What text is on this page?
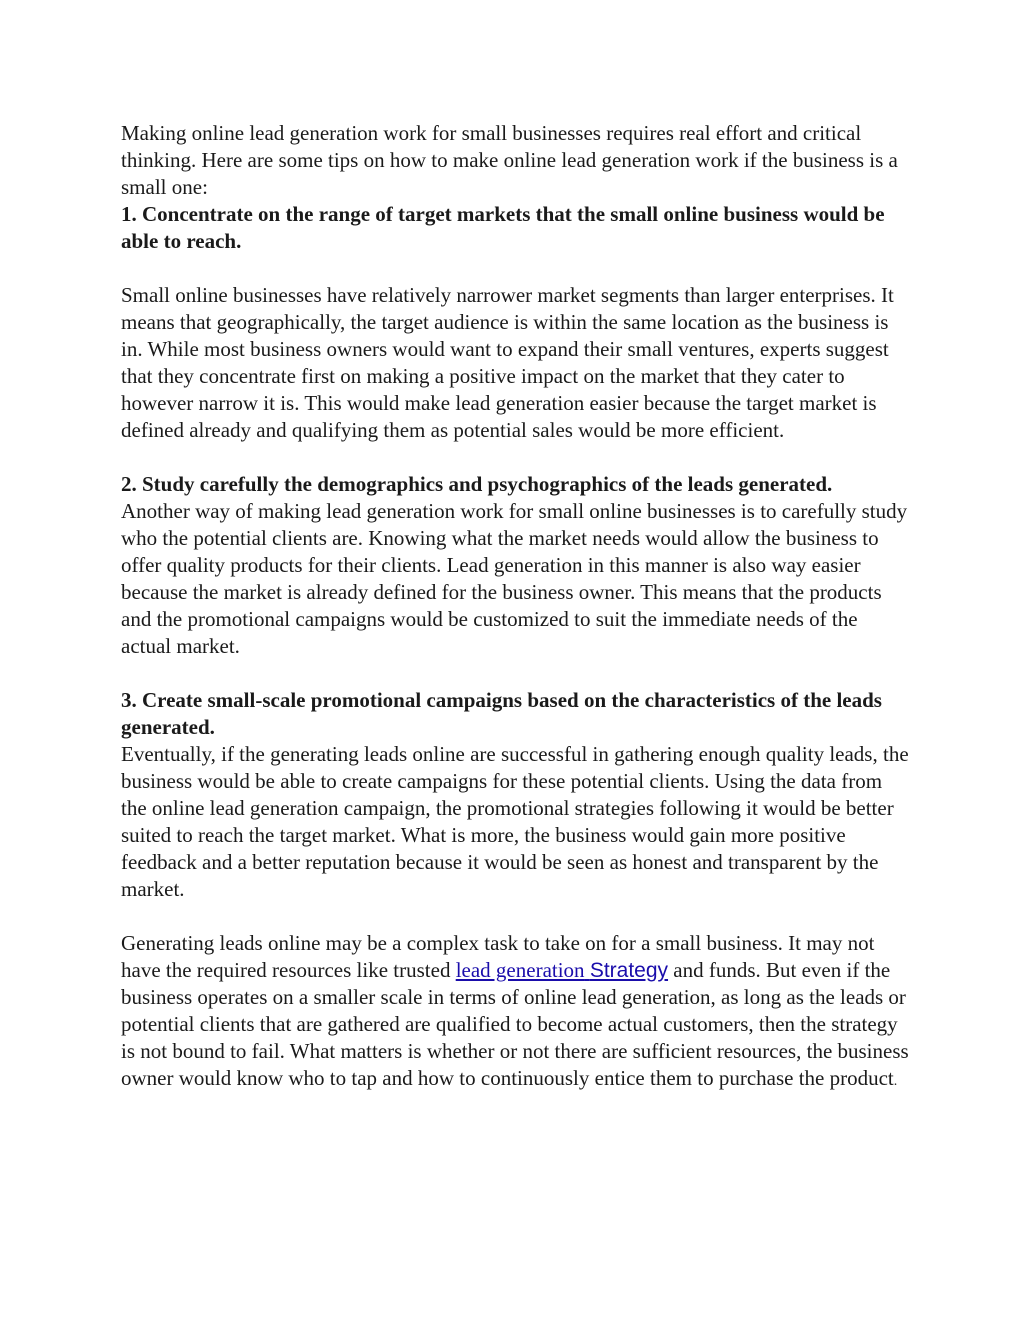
Making online lead generation work for small businesses requires real effort and critical thinking. Here are some tips on how to make online lead generation work if the business is a small one:

1. Concentrate on the range of target markets that the small online business would be able to reach.

Small online businesses have relatively narrower market segments than larger enterprises. It means that geographically, the target audience is within the same location as the business is in. While most business owners would want to expand their small ventures, experts suggest that they concentrate first on making a positive impact on the market that they cater to however narrow it is. This would make lead generation easier because the target market is defined already and qualifying them as potential sales would be more efficient.

2. Study carefully the demographics and psychographics of the leads generated.

Another way of making lead generation work for small online businesses is to carefully study who the potential clients are. Knowing what the market needs would allow the business to offer quality products for their clients. Lead generation in this manner is also way easier because the market is already defined for the business owner. This means that the products and the promotional campaigns would be customized to suit the immediate needs of the actual market.

3. Create small-scale promotional campaigns based on the characteristics of the leads generated.

Eventually, if the generating leads online are successful in gathering enough quality leads, the business would be able to create campaigns for these potential clients. Using the data from the online lead generation campaign, the promotional strategies following it would be better suited to reach the target market. What is more, the business would gain more positive feedback and a better reputation because it would be seen as honest and transparent by the market.

Generating leads online may be a complex task to take on for a small business. It may not have the required resources like trusted lead generation Strategy and funds. But even if the business operates on a smaller scale in terms of online lead generation, as long as the leads or potential clients that are gathered are qualified to become actual customers, then the strategy is not bound to fail. What matters is whether or not there are sufficient resources, the business owner would know who to tap and how to continuously entice them to purchase the product.
